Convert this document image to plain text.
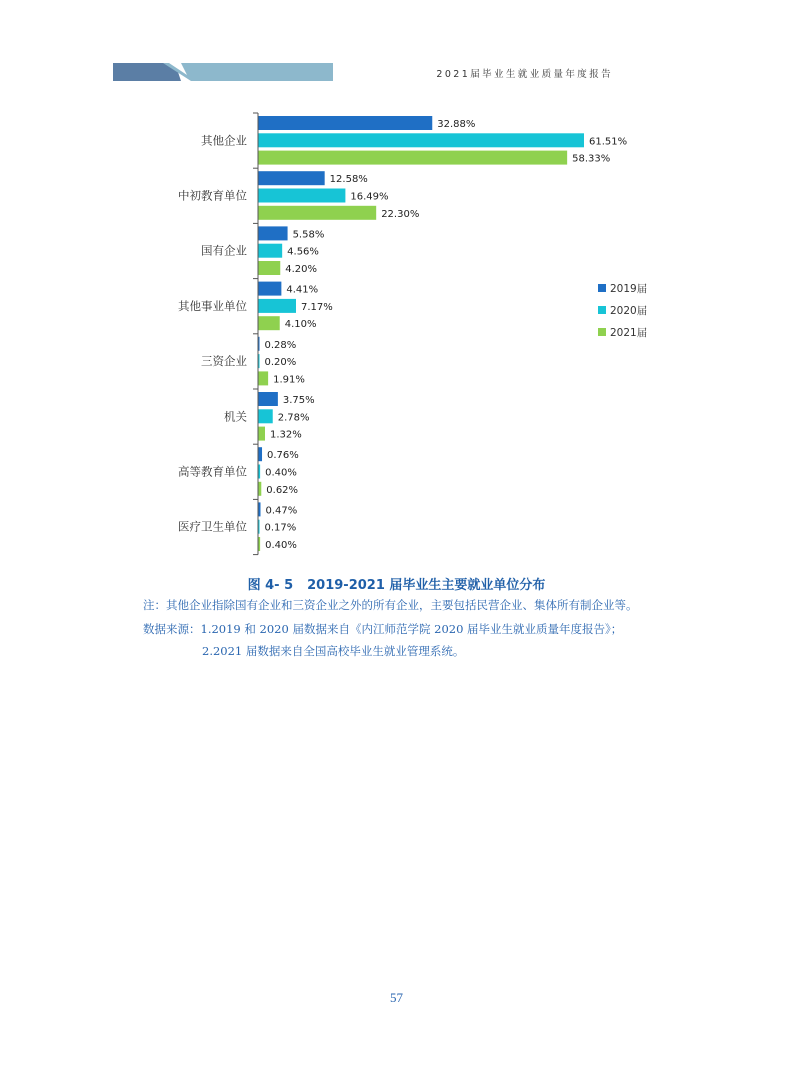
2021届毕业生就业质量年度报告
其他企业
32.88%
61.51%
58.33%
中初教育单位
12.58%
16.49%
22.30%
国有企业
5.58%
4.56%
4.20%
其他事业单位
4.41%
7.17%
4.10%
三资企业
0.28%
0.20%
1.91%
机关
3.75%
2.78%
1.32%
高等教育单位
0.76%
0.40%
0.62%
医疗卫生单位
0.47%
0.17%
0.40%
2019届
2020届
2021届
图 4- 5 2019-2021 届毕业生主要就业单位分布
注：其他企业指除国有企业和三资企业之外的所有企业，主要包括民营企业、集体所有制企业等。
数据来源：1.2019 和 2020 届数据来自《内江师范学院 2020 届毕业生就业质量年度报告》；
2.2021 届数据来自全国高校毕业生就业管理系统。
57
